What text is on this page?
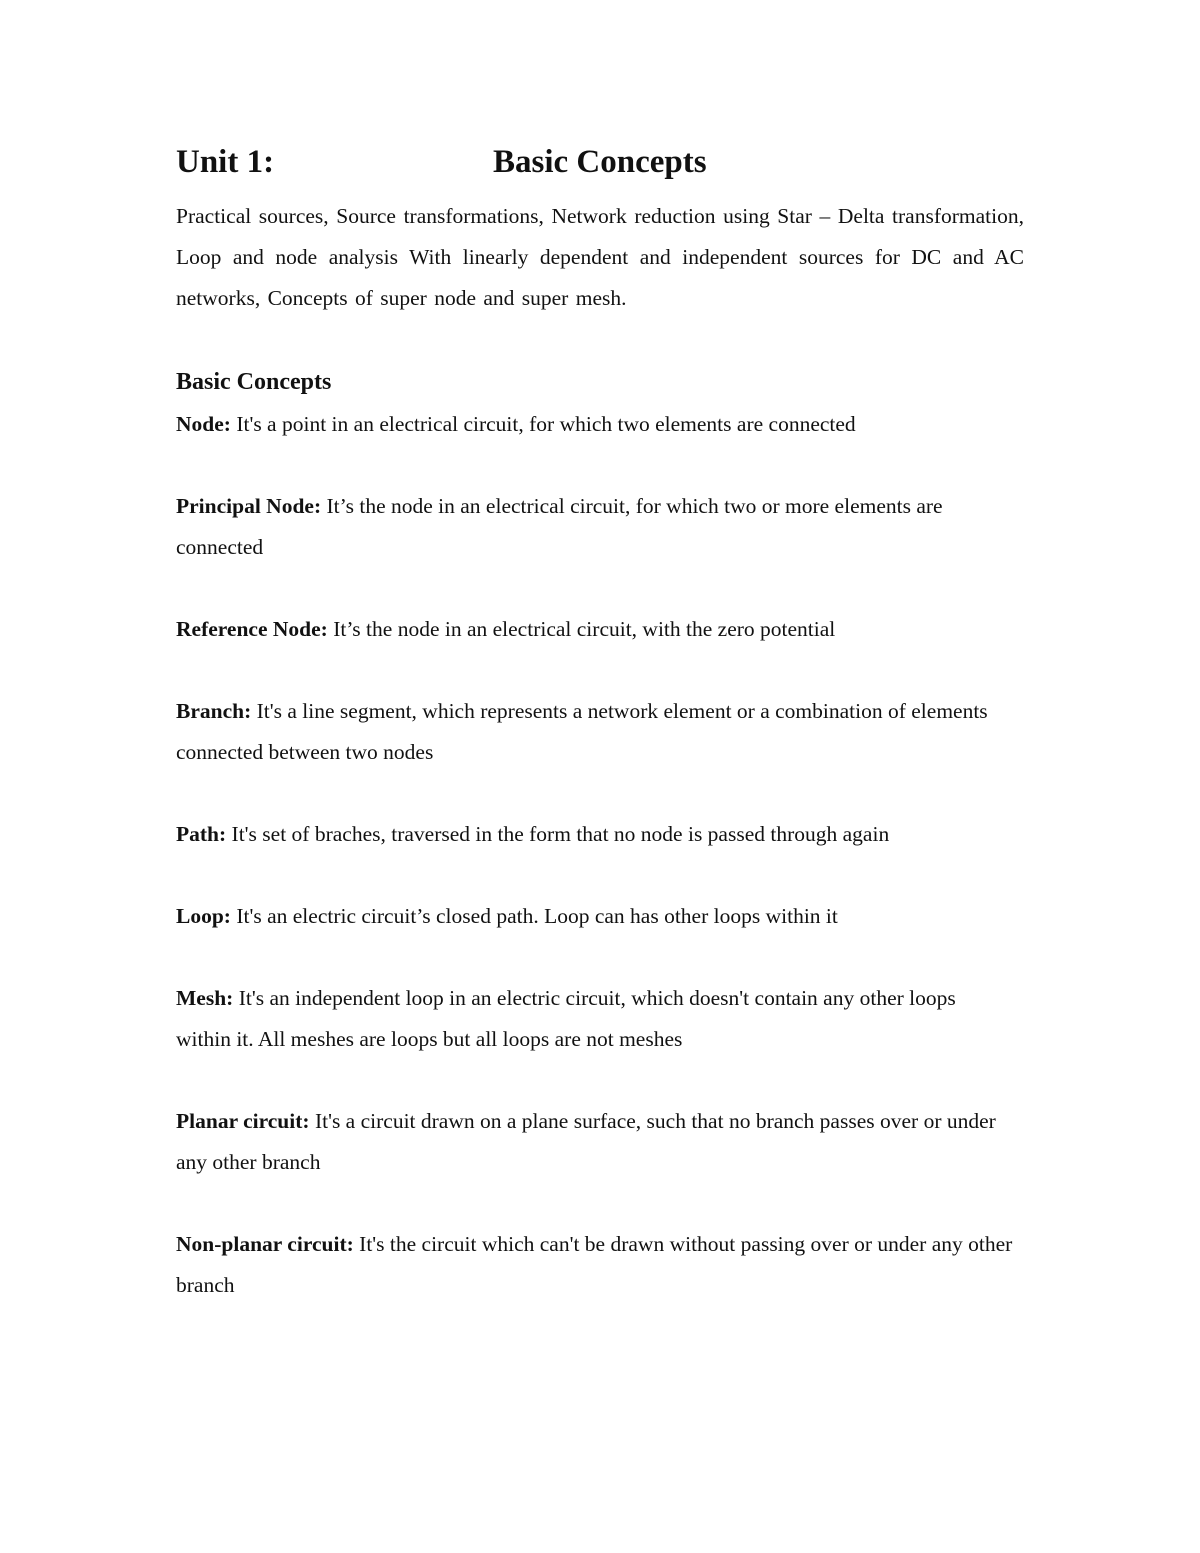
Unit 1:	Basic Concepts

Practical sources, Source transformations, Network reduction using Star – Delta transformation, Loop and node analysis With linearly dependent and independent sources for DC and AC networks, Concepts of super node and super mesh.

Basic Concepts

Node: It's a point in an electrical circuit, for which two elements are connected

Principal Node: It’s the node in an electrical circuit, for which two or more elements are connected

Reference Node: It’s the node in an electrical circuit, with the zero potential

Branch: It's a line segment, which represents a network element or a combination of elements connected between two nodes

Path: It's set of braches, traversed in the form that no node is passed through again

Loop: It's an electric circuit’s closed path. Loop can has other loops within it

Mesh: It's an independent loop in an electric circuit, which doesn't contain any other loops within it. All meshes are loops but all loops are not meshes

Planar circuit: It's a circuit drawn on a plane surface, such that no branch passes over or under any other branch

Non-planar circuit: It's the circuit which can't be drawn without passing over or under any other branch
